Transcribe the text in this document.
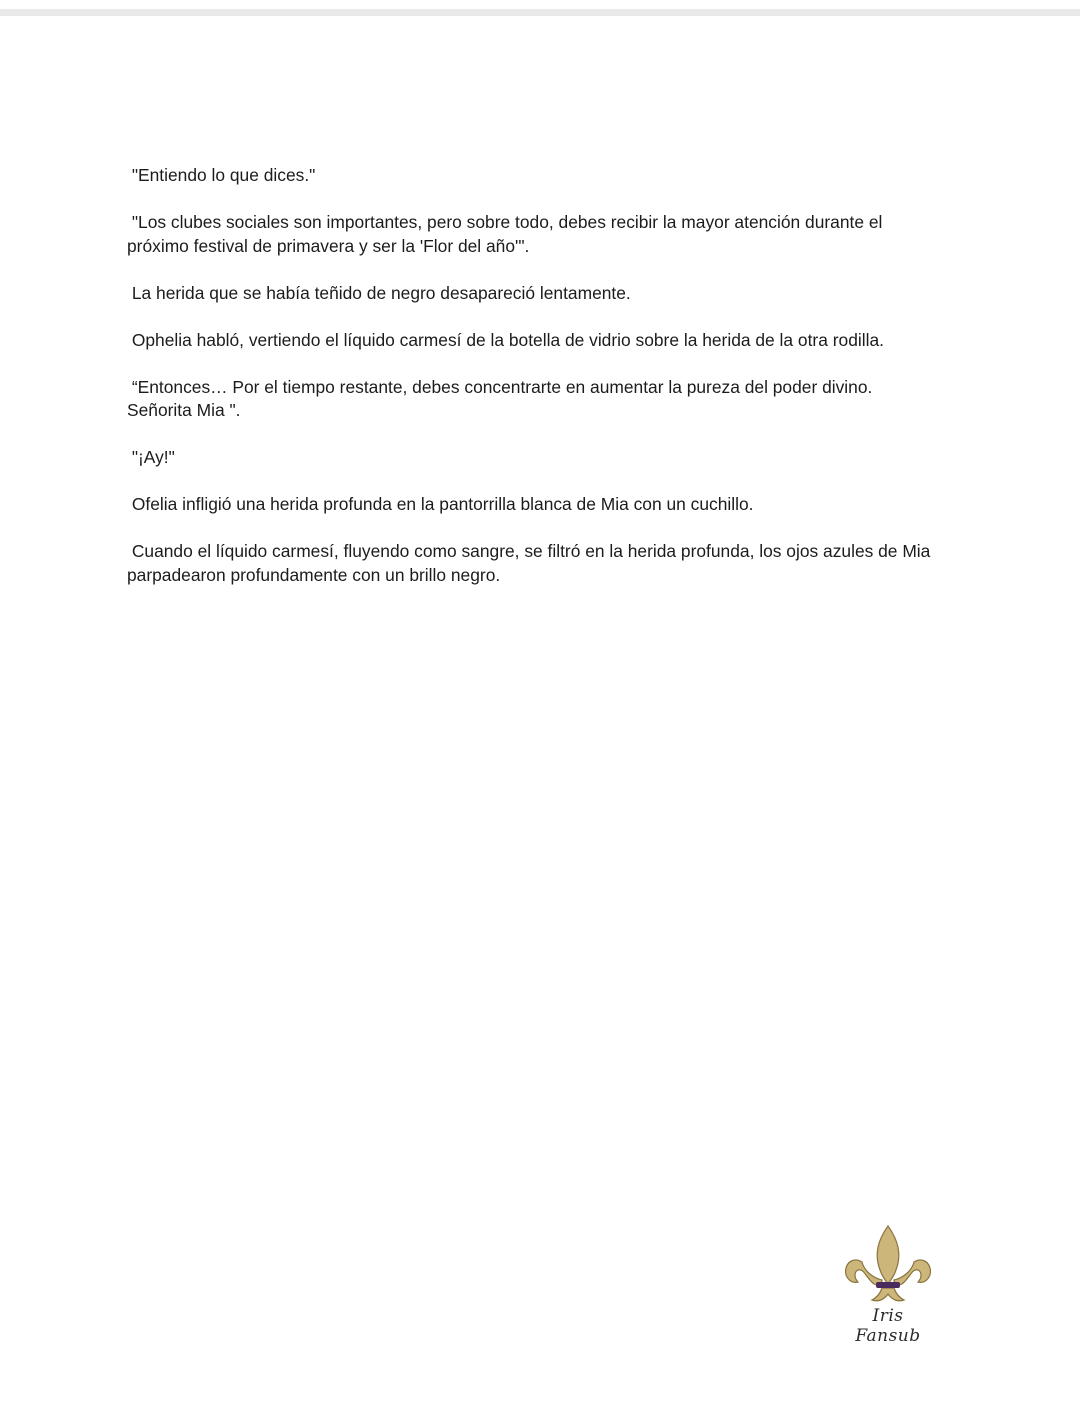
"Entiendo lo que dices."

"Los clubes sociales son importantes, pero sobre todo, debes recibir la mayor atención durante el
próximo festival de primavera y ser la 'Flor del año'".

La herida que se había teñido de negro desapareció lentamente.

Ophelia habló, vertiendo el líquido carmesí de la botella de vidrio sobre la herida de la otra rodilla.

“Entonces… Por el tiempo restante, debes concentrarte en aumentar la pureza del poder divino.
Señorita Mia ".

"¡Ay!"

Ofelia infligió una herida profunda en la pantorrilla blanca de Mia con un cuchillo.

Cuando el líquido carmesí, fluyendo como sangre, se filtró en la herida profunda, los ojos azules de Mia
parpadearon profundamente con un brillo negro.

Iris Fansub
